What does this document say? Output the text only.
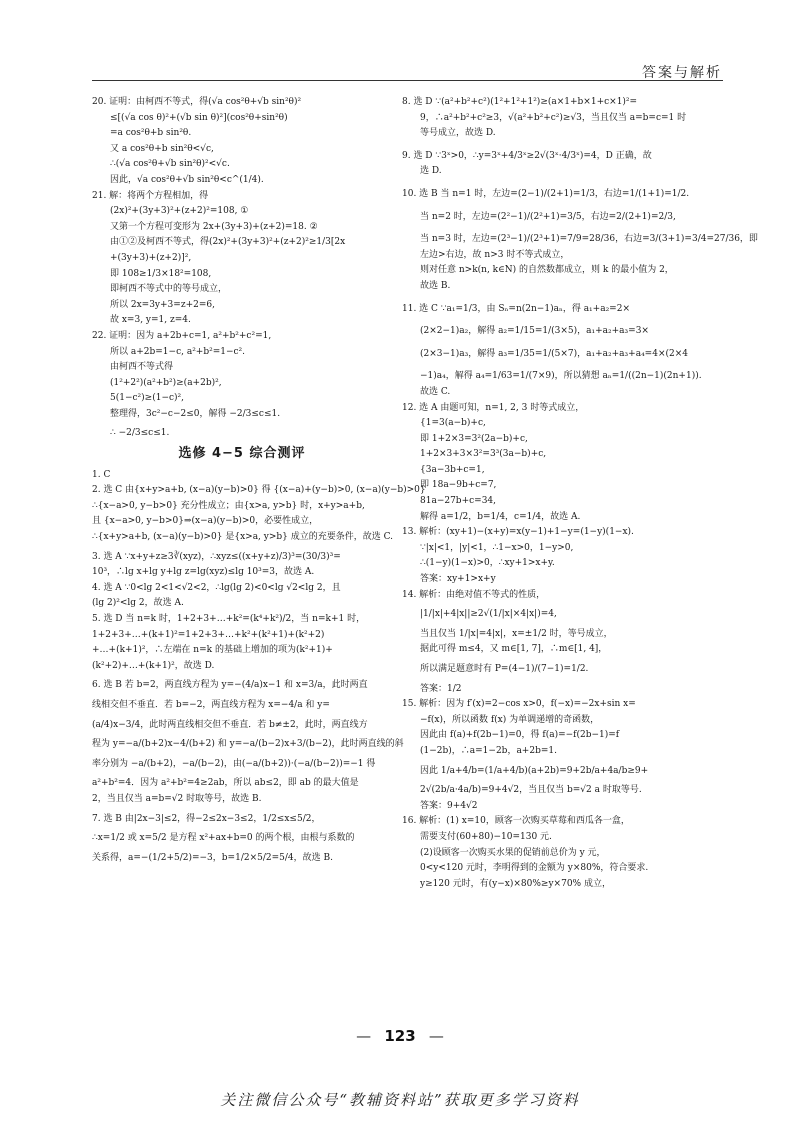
答案与解析
20. 证明：由柯西不等式，得(√a cos²θ+√b sin²θ)²
≤[(√a cos θ)²+(√b sin θ)²](cos²θ+sin²θ)
=a cos²θ+b sin²θ.
又 a cos²θ+b sin²θ<√c,
∴(√a cos²θ+√b sin²θ)²<√c.
因此，√a cos²θ+√b sin²θ<c^(1/4).
21. 解：将两个方程相加，得
(2x)²+(3y+3)²+(z+2)²=108, ①
又第一个方程可变形为 2x+(3y+3)+(z+2)=18. ②
由①②及柯西不等式，得(2x)²+(3y+3)²+(z+2)²≥1/3[2x
+(3y+3)+(z+2)]²,
即 108≥1/3×18²=108,
即柯西不等式中的等号成立，
所以 2x=3y+3=z+2=6,
故 x=3, y=1, z=4.
22. 证明：因为 a+2b+c=1, a²+b²+c²=1,
所以 a+2b=1−c, a²+b²=1−c².
由柯西不等式得
(1²+2²)(a²+b²)≥(a+2b)²,
5(1−c²)≥(1−c)²,
整理得，3c²−c−2≤0，解得 −2/3≤c≤1.
∴ −2/3≤c≤1.
选修 4−5 综合测评
1. C
2. 选 C 由{x+y>a+b, (x−a)(y−b)>0} 得 {(x−a)+(y−b)>0, (x−a)(y−b)>0}
∴{x−a>0, y−b>0} 充分性成立；由{x>a, y>b} 时，x+y>a+b,
且 {x−a>0, y−b>0}⇒(x−a)(y−b)>0，必要性成立，
∴{x+y>a+b, (x−a)(y−b)>0} 是{x>a, y>b} 成立的充要条件，故选 C.
3. 选 A ∵x+y+z≥3∛(xyz)，∴xyz≤((x+y+z)/3)³=(30/3)³=
10³，∴lg x+lg y+lg z=lg(xyz)≤lg 10³=3，故选 A.
4. 选 A ∵0<lg 2<1<√2<2，∴lg(lg 2)<0<lg √2<lg 2，且
(lg 2)²<lg 2，故选 A.
5. 选 D 当 n=k 时，1+2+3+…+k²=(k⁴+k²)/2，当 n=k+1 时，
1+2+3+…+(k+1)²=1+2+3+…+k²+(k²+1)+(k²+2)
+…+(k+1)²，∴左端在 n=k 的基础上增加的项为(k²+1)+
(k²+2)+…+(k+1)²，故选 D.
6. 选 B 若 b=2，两直线方程为 y=−(4/a)x−1 和 x=3/a，此时两直
线相交但不垂直．若 b=−2，两直线方程为 x=−4/a 和 y=
(a/4)x−3/4，此时两直线相交但不垂直．若 b≠±2，此时，两直线方
程为 y=−a/(b+2)x−4/(b+2) 和 y=−a/(b−2)x+3/(b−2)，此时两直线的斜
率分别为 −a/(b+2)，−a/(b−2)，由(−a/(b+2))·(−a/(b−2))=−1 得
a²+b²=4．因为 a²+b²=4≥2ab，所以 ab≤2，即 ab 的最大值是
2，当且仅当 a=b=√2 时取等号，故选 B.
7. 选 B 由|2x−3|≤2，得−2≤2x−3≤2，1/2≤x≤5/2，
∴x=1/2 或 x=5/2 是方程 x²+ax+b=0 的两个根，由根与系数的
关系得，a=−(1/2+5/2)=−3，b=1/2×5/2=5/4，故选 B.
8. 选 D ∵(a²+b²+c²)(1²+1²+1²)≥(a×1+b×1+c×1)²=
9，∴a²+b²+c²≥3，√(a²+b²+c²)≥√3，当且仅当 a=b=c=1 时
等号成立，故选 D.
9. 选 D ∵3ˣ>0，∴y=3ˣ+4/3ˣ≥2√(3ˣ·4/3ˣ)=4，D 正确，故
选 D.
10. 选 B 当 n=1 时，左边=(2−1)/(2+1)=1/3，右边=1/(1+1)=1/2.
当 n=2 时，左边=(2²−1)/(2²+1)=3/5，右边=2/(2+1)=2/3,
当 n=3 时，左边=(2³−1)/(2³+1)=7/9=28/36，右边=3/(3+1)=3/4=27/36，即
左边>右边，故 n>3 时不等式成立，
则对任意 n>k(n, k∈N) 的自然数都成立，则 k 的最小值为 2，
故选 B.
11. 选 C ∵a₁=1/3，由 Sₙ=n(2n−1)aₙ，得 a₁+a₂=2×
(2×2−1)a₂，解得 a₂=1/15=1/(3×5)，a₁+a₂+a₃=3×
(2×3−1)a₃，解得 a₃=1/35=1/(5×7)，a₁+a₂+a₃+a₄=4×(2×4
−1)a₄，解得 a₄=1/63=1/(7×9)，所以猜想 aₙ=1/((2n−1)(2n+1)).
故选 C.
12. 选 A 由题可知，n=1, 2, 3 时等式成立，
{1=3(a−b)+c,
即 1+2×3=3²(2a−b)+c,
1+2×3+3×3²=3³(3a−b)+c,
{3a−3b+c=1,
即 18a−9b+c=7,
81a−27b+c=34,
解得 a=1/2，b=1/4，c=1/4，故选 A.
13. 解析：(xy+1)−(x+y)=x(y−1)+1−y=(1−y)(1−x).
∵|x|<1，|y|<1，∴1−x>0，1−y>0,
∴(1−y)(1−x)>0，∴xy+1>x+y.
答案：xy+1>x+y
14. 解析：由绝对值不等式的性质，
|1/|x|+4|x||≥2√(1/|x|×4|x|)=4,
当且仅当 1/|x|=4|x|，x=±1/2 时，等号成立，
据此可得 m≤4，又 m∈[1, 7]，∴m∈[1, 4]，
所以满足题意时有 P=(4−1)/(7−1)=1/2.
答案：1/2
15. 解析：因为 f′(x)=2−cos x>0，f(−x)=−2x+sin x=
−f(x)，所以函数 f(x) 为单调递增的奇函数，
因此由 f(a)+f(2b−1)=0，得 f(a)=−f(2b−1)=f
(1−2b)，∴a=1−2b，a+2b=1.
因此 1/a+4/b=(1/a+4/b)(a+2b)=9+2b/a+4a/b≥9+
2√(2b/a·4a/b)=9+4√2，当且仅当 b=√2 a 时取等号.
答案：9+4√2
16. 解析：(1) x=10，顾客一次购买草莓和西瓜各一盒，
需要支付(60+80)−10=130 元.
(2)设顾客一次购买水果的促销前总价为 y 元，
0<y<120 元时，李明得到的金额为 y×80%，符合要求.
y≥120 元时，有(y−x)×80%≥y×70% 成立，
— 123 —
关注微信公众号“教辅资料站”获取更多学习资料
